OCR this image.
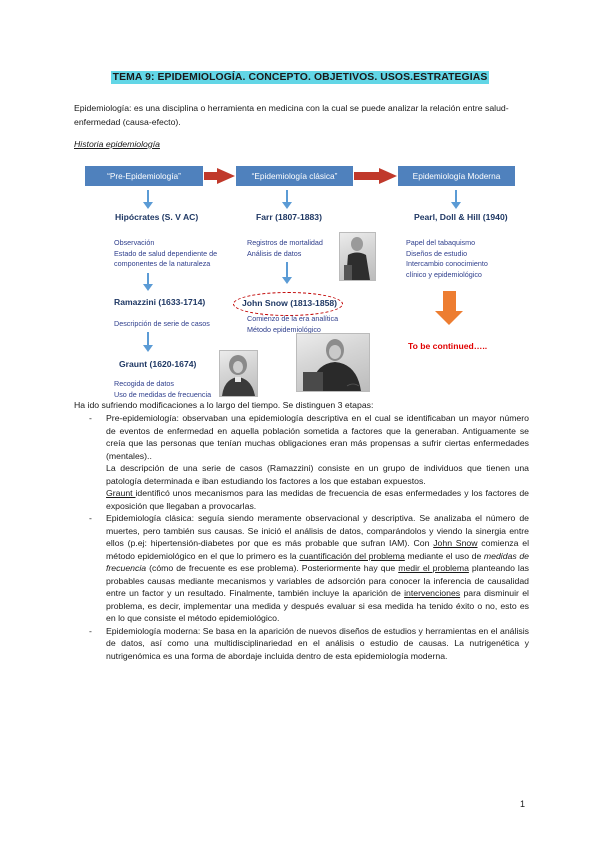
TEMA 9: EPIDEMIOLOGÍA. CONCEPTO. OBJETIVOS. USOS.ESTRATEGIAS
Epidemiología: es una disciplina o herramienta en medicina con la cual se puede analizar la relación entre salud-enfermedad (causa-efecto).
Historia epidemiología
“Pre-Epidemiología”	“Epidemiología clásica”	Epidemiología Moderna
Hipócrates (S. V AC)
Observación
Estado de salud dependiente de
componentes de la naturaleza
Ramazzini (1633-1714)
Descripción de serie de casos
Graunt (1620-1674)
Recogida de datos
Uso de medidas de frecuencia
Farr (1807-1883)
Registros de mortalidad
Análisis de datos
John Snow (1813-1858)
Comienzo de la era analítica
Método epidemiológico
Pearl, Doll & Hill (1940)
Papel del tabaquismo
Diseños de estudio
Intercambio conocimiento
clínico y epidemiológico
To be continued…..
Ha ido sufriendo modificaciones a lo largo del tiempo. Se distinguen 3 etapas:
- Pre-epidemiología: observaban una epidemiología descriptiva en el cual se identificaban un mayor número de eventos de enfermedad en aquella población sometida a factores que la generaban. Antiguamente se creía que las personas que tenían muchas obligaciones eran más propensas a sufrir ciertas enfermedades (mentales)..

La descripción de una serie de casos (Ramazzini) consiste en un grupo de individuos que tienen una patología determinada e iban estudiando los factores a los que estaban expuestos.

Graunt identificó unos mecanismos para las medidas de frecuencia de esas enfermedades y los factores de exposición que llegaban a provocarlas.

- Epidemiología clásica: seguía siendo meramente observacional y descriptiva. Se analizaba el número de muertes, pero también sus causas. Se inició el análisis de datos, comparándolos y viendo la sinergia entre ellos (p.ej: hipertensión-diabetes por que es más probable que sufran IAM). Con John Snow comienza el método epidemiológico en el que lo primero es la cuantificación del problema mediante el uso de medidas de frecuencia (cómo de frecuente es ese problema). Posteriormente hay que medir el problema planteando las probables causas mediante mecanismos y variables de adsorción para conocer la inferencia de causalidad entre un factor y un resultado. Finalmente, también incluye la aparición de intervenciones para disminuir el problema, es decir, implementar una medida y después evaluar si esa medida ha tenido éxito o no, esto es en lo que consiste el método epidemiológico.

- Epidemiología moderna: Se basa en la aparición de nuevos diseños de estudios y herramientas en el análisis de datos, así como una multidisciplinariedad en el análisis o estudio de causas. La nutrigenética y nutrigenómica es una forma de abordaje incluida dentro de esta epidemiología moderna.

1
